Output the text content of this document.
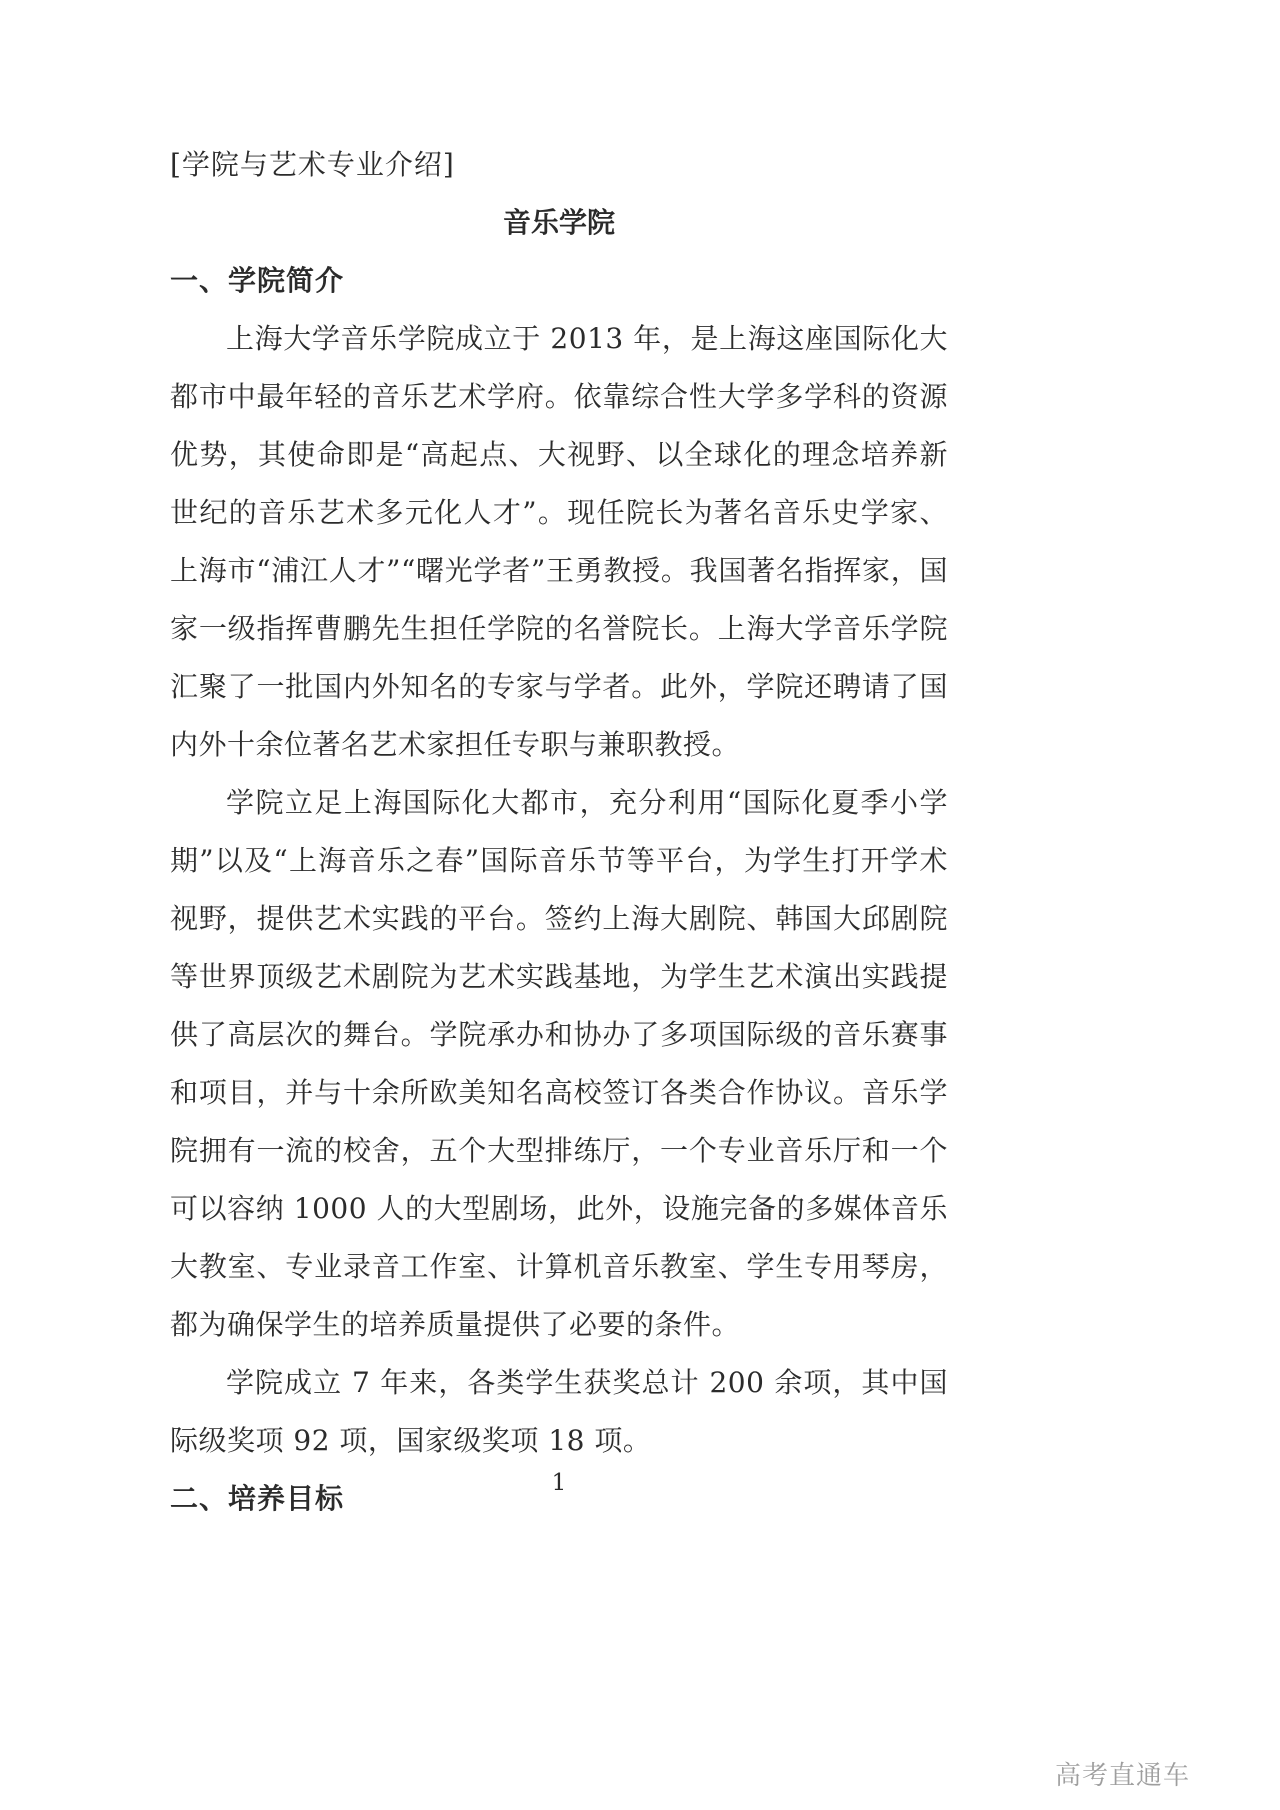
[学院与艺术专业介绍]
音乐学院
一、学院简介

上海大学音乐学院成立于 2013 年，是上海这座国际化大都市中最年轻的音乐艺术学府。依靠综合性大学多学科的资源优势，其使命即是“高起点、大视野、以全球化的理念培养新世纪的音乐艺术多元化人才”。现任院长为著名音乐史学家、上海市“浦江人才”“曙光学者”王勇教授。我国著名指挥家，国家一级指挥曹鹏先生担任学院的名誉院长。上海大学音乐学院汇聚了一批国内外知名的专家与学者。此外，学院还聘请了国内外十余位著名艺术家担任专职与兼职教授。

学院立足上海国际化大都市，充分利用“国际化夏季小学期”以及“上海音乐之春”国际音乐节等平台，为学生打开学术视野，提供艺术实践的平台。签约上海大剧院、韩国大邱剧院等世界顶级艺术剧院为艺术实践基地，为学生艺术演出实践提供了高层次的舞台。学院承办和协办了多项国际级的音乐赛事和项目，并与十余所欧美知名高校签订各类合作协议。音乐学院拥有一流的校舍，五个大型排练厅，一个专业音乐厅和一个可以容纳 1000 人的大型剧场，此外，设施完备的多媒体音乐大教室、专业录音工作室、计算机音乐教室、学生专用琴房，都为确保学生的培养质量提供了必要的条件。

学院成立 7 年来，各类学生获奖总计 200 余项，其中国际级奖项 92 项，国家级奖项 18 项。

二、培养目标	1
高考直通车
